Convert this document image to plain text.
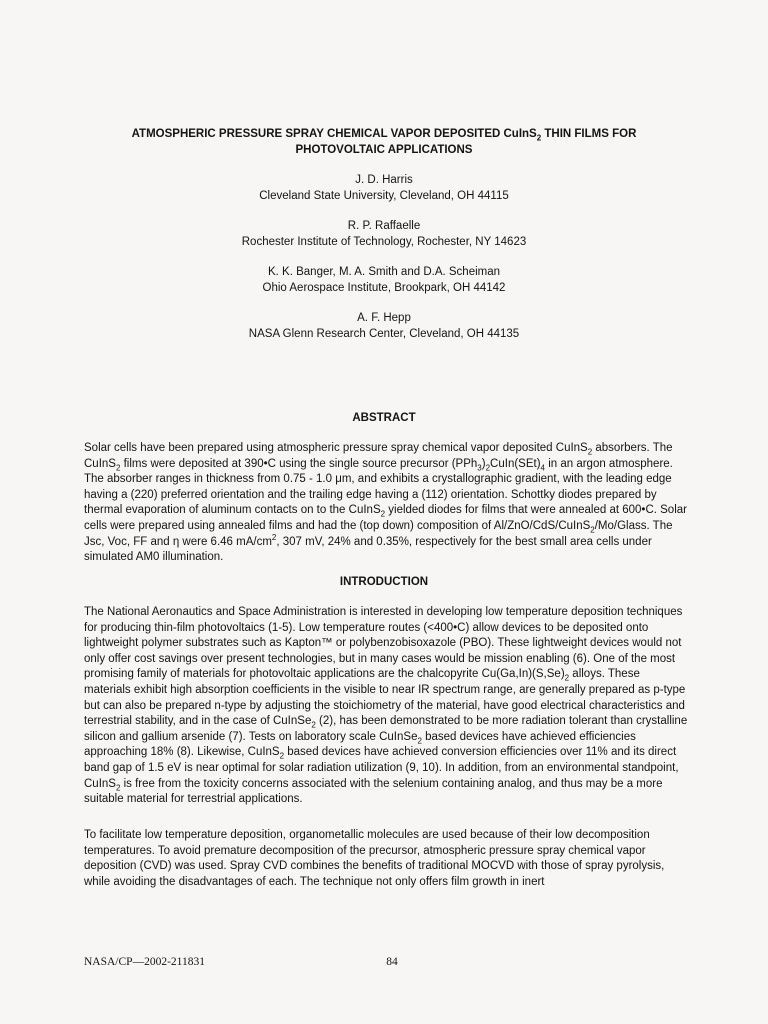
ATMOSPHERIC PRESSURE SPRAY CHEMICAL VAPOR DEPOSITED CuInS$_2$ THIN FILMS FOR
PHOTOVOLTAIC APPLICATIONS
J. D. Harris
Cleveland State University, Cleveland, OH 44115
R. P. Raffaelle
Rochester Institute of Technology, Rochester, NY 14623
K. K. Banger, M. A. Smith and D.A. Scheiman
Ohio Aerospace Institute, Brookpark, OH 44142
A. F. Hepp
NASA Glenn Research Center, Cleveland, OH 44135
ABSTRACT
Solar cells have been prepared using atmospheric pressure spray chemical vapor deposited CuInS$_2$ absorbers. The CuInS$_2$ films were deposited at 390•C using the single source precursor $(PPh_3)_2CuIn(SEt)_4$ in an argon atmosphere. The absorber ranges in thickness from 0.75 - 1.0 μm, and exhibits a crystallographic gradient, with the leading edge having a (220) preferred orientation and the trailing edge having a (112) orientation. Schottky diodes prepared by thermal evaporation of aluminum contacts on to the CuInS$_2$ yielded diodes for films that were annealed at 600•C. Solar cells were prepared using annealed films and had the (top down) composition of Al/ZnO/CdS/CuInS$_2$/Mo/Glass. The Jsc, Voc, FF and η were 6.46 $mA/cm^2$, 307 mV, 24% and 0.35%, respectively for the best small area cells under simulated AM0 illumination.
INTRODUCTION
The National Aeronautics and Space Administration is interested in developing low temperature deposition techniques for producing thin-film photovoltaics (1-5). Low temperature routes (<400•C) allow devices to be deposited onto lightweight polymer substrates such as Kapton™ or polybenzobisoxazole (PBO). These lightweight devices would not only offer cost savings over present technologies, but in many cases would be mission enabling (6). One of the most promising family of materials for photovoltaic applications are the chalcopyrite $Cu(Ga,In)(S,Se)_2$ alloys. These materials exhibit high absorption coefficients in the visible to near IR spectrum range, are generally prepared as p-type but can also be prepared n-type by adjusting the stoichiometry of the material, have good electrical characteristics and terrestrial stability, and in the case of CuInSe$_2$ (2), has been demonstrated to be more radiation tolerant than crystalline silicon and gallium arsenide (7). Tests on laboratory scale CuInSe$_2$ based devices have achieved efficiencies approaching 18% (8). Likewise, CuInS$_2$ based devices have achieved conversion efficiencies over 11% and its direct band gap of 1.5 eV is near optimal for solar radiation utilization (9, 10). In addition, from an environmental standpoint, CuInS$_2$ is free from the toxicity concerns associated with the selenium containing analog, and thus may be a more suitable material for terrestrial applications.
To facilitate low temperature deposition, organometallic molecules are used because of their low decomposition temperatures. To avoid premature decomposition of the precursor, atmospheric pressure spray chemical vapor deposition (CVD) was used. Spray CVD combines the benefits of traditional MOCVD with those of spray pyrolysis, while avoiding the disadvantages of each. The technique not only offers film growth in inert
NASA/CP—2002-211831	84
